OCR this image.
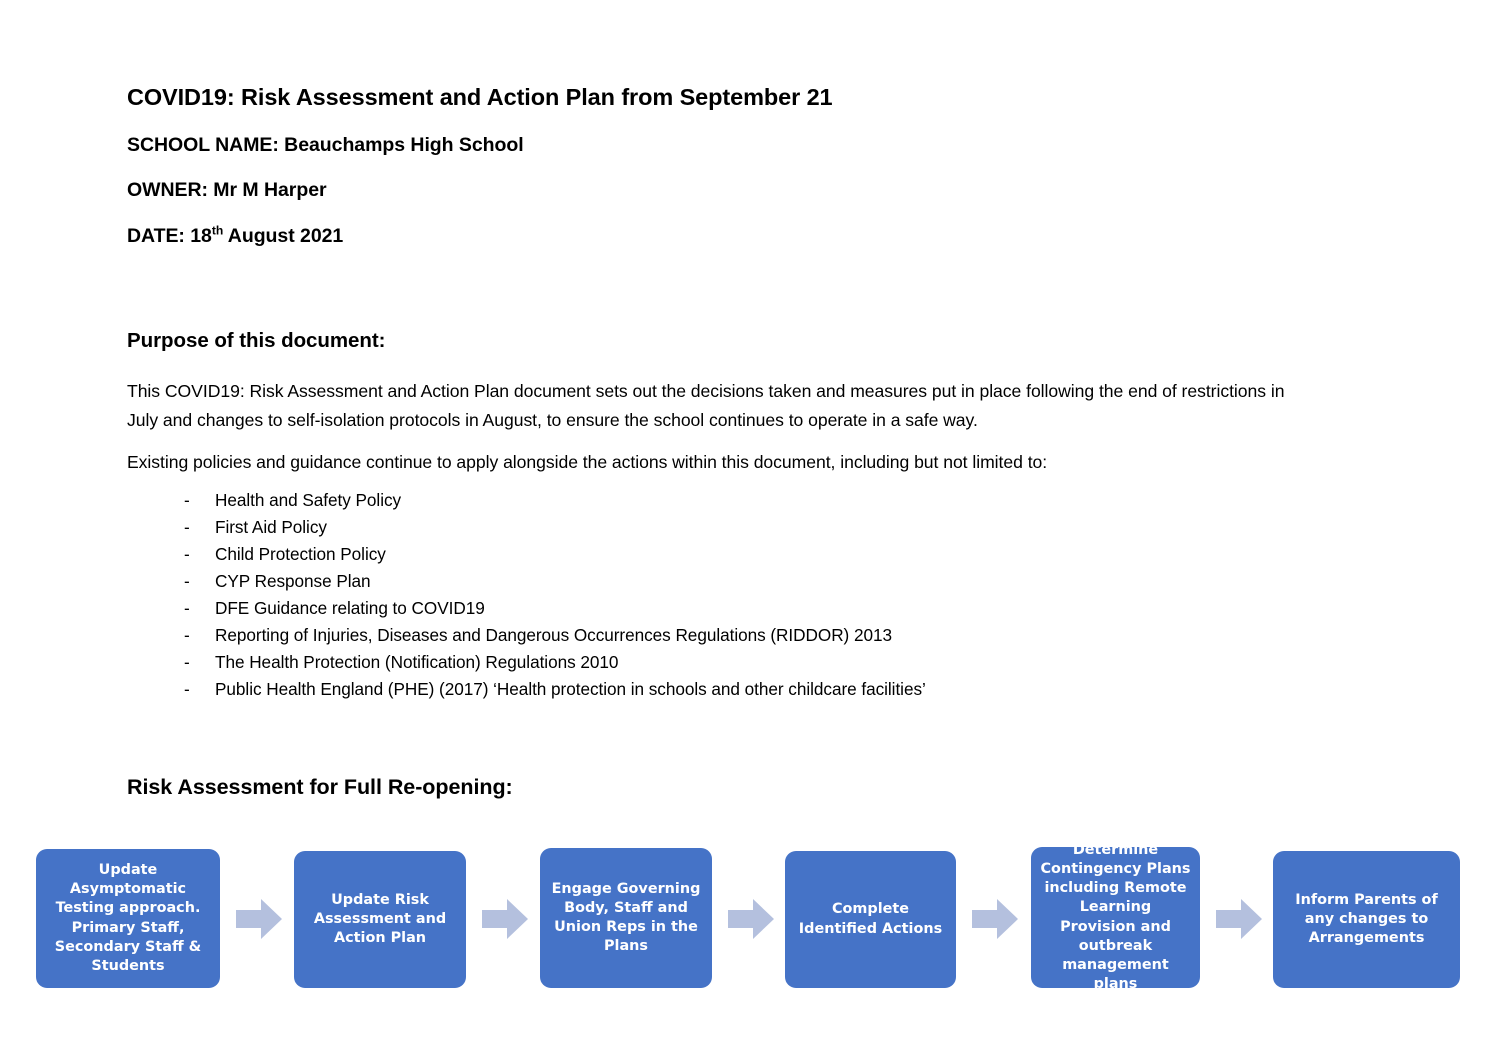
COVID19: Risk Assessment and Action Plan from September 21

SCHOOL NAME: Beauchamps High School

OWNER: Mr M Harper

DATE: 18th August 2021

Purpose of this document:

This COVID19: Risk Assessment and Action Plan document sets out the decisions taken and measures put in place following the end of restrictions in July and changes to self-isolation protocols in August, to ensure the school continues to operate in a safe way.

Existing policies and guidance continue to apply alongside the actions within this document, including but not limited to:

-	Health and Safety Policy
-	First Aid Policy
-	Child Protection Policy
-	CYP Response Plan
-	DFE Guidance relating to COVID19
-	Reporting of Injuries, Diseases and Dangerous Occurrences Regulations (RIDDOR) 2013
-	The Health Protection (Notification) Regulations 2010
-	Public Health England (PHE) (2017) ‘Health protection in schools and other childcare facilities’
Risk Assessment for Full Re-opening:
Update Asymptomatic Testing approach. Primary Staff, Secondary Staff & Students
Update Risk Assessment and Action Plan
Engage Governing Body, Staff and Union Reps in the Plans
Complete Identified Actions
Determine Contingency Plans including Remote Learning Provision and outbreak management plans
Inform Parents of any changes to Arrangements
